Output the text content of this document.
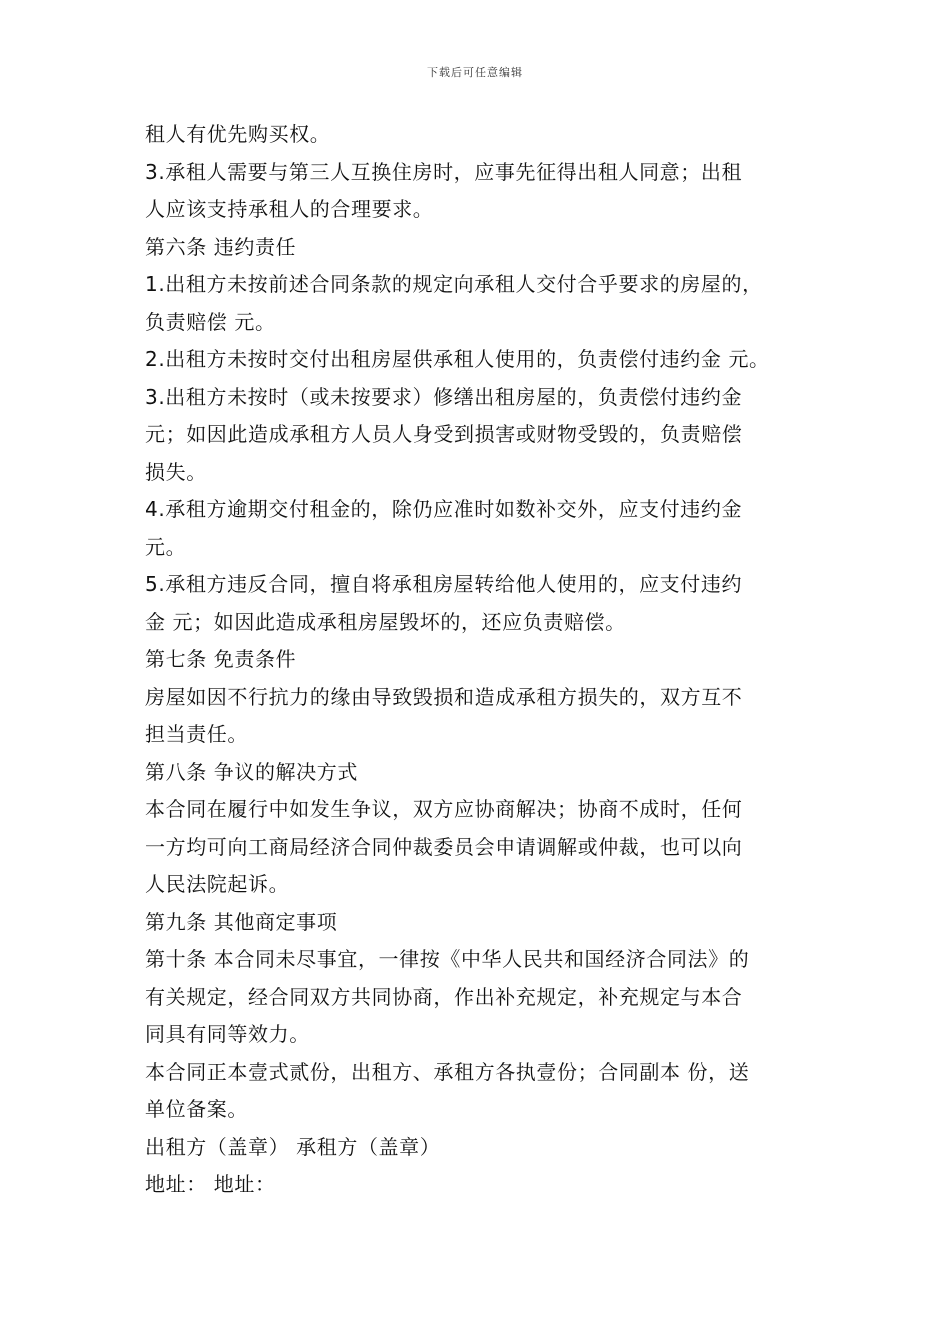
下载后可任意编辑
租人有优先购买权。
3.承租人需要与第三人互换住房时，应事先征得出租人同意；出租
人应该支持承租人的合理要求。
第六条 违约责任
1.出租方未按前述合同条款的规定向承租人交付合乎要求的房屋的，
负责赔偿 元。
2.出租方未按时交付出租房屋供承租人使用的，负责偿付违约金 元。
3.出租方未按时（或未按要求）修缮出租房屋的，负责偿付违约金
元；如因此造成承租方人员人身受到损害或财物受毁的，负责赔偿
损失。
4.承租方逾期交付租金的，除仍应准时如数补交外，应支付违约金
元。
5.承租方违反合同，擅自将承租房屋转给他人使用的，应支付违约
金 元；如因此造成承租房屋毁坏的，还应负责赔偿。
第七条 免责条件
房屋如因不行抗力的缘由导致毁损和造成承租方损失的，双方互不
担当责任。
第八条 争议的解决方式
本合同在履行中如发生争议，双方应协商解决；协商不成时，任何
一方均可向工商局经济合同仲裁委员会申请调解或仲裁，也可以向
人民法院起诉。
第九条 其他商定事项
第十条 本合同未尽事宜，一律按《中华人民共和国经济合同法》的
有关规定，经合同双方共同协商，作出补充规定，补充规定与本合
同具有同等效力。
本合同正本壹式贰份，出租方、承租方各执壹份；合同副本 份，送
单位备案。
出租方（盖章） 承租方（盖章）
地址： 地址：
